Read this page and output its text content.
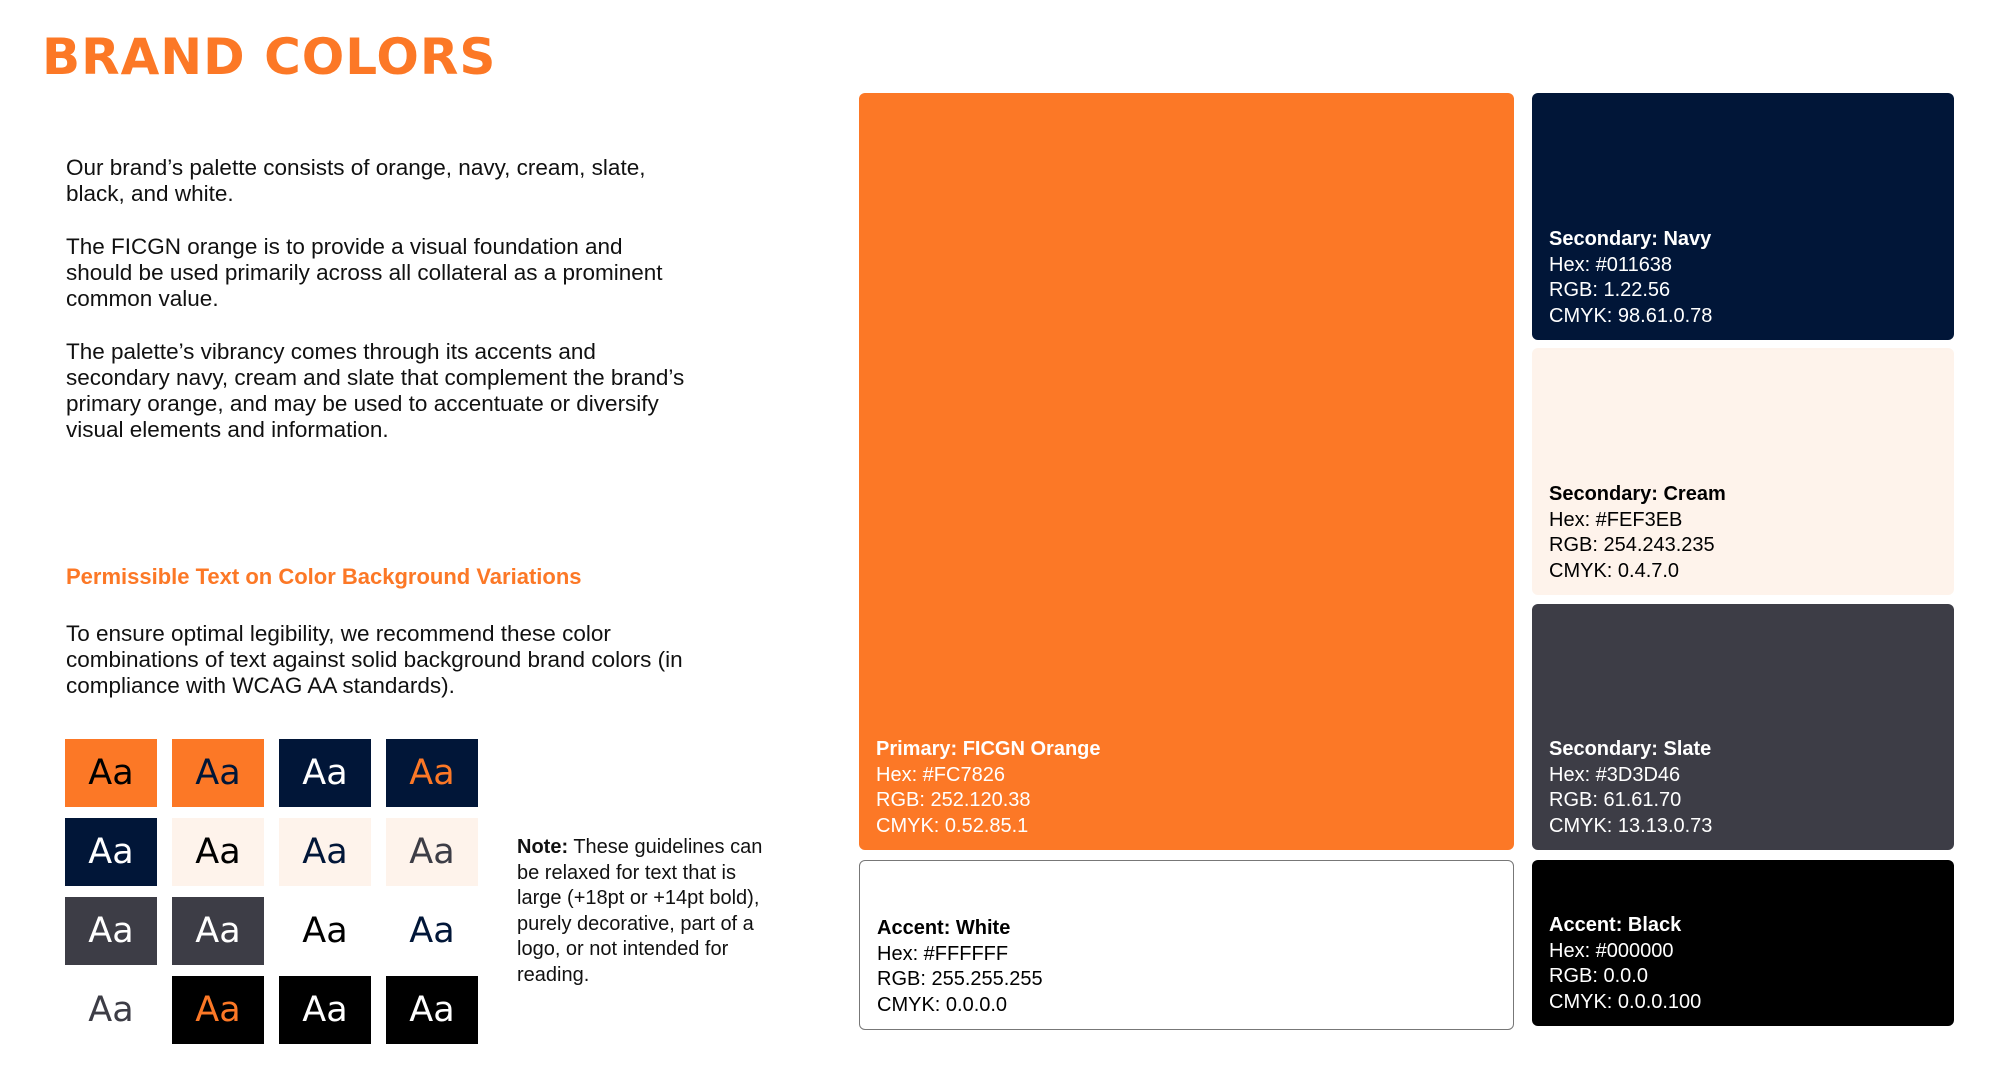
BRAND COLORS

Our brand’s palette consists of orange, navy, cream, slate, black, and white.

The FICGN orange is to provide a visual foundation and should be used primarily across all collateral as a prominent common value.

The palette’s vibrancy comes through its accents and secondary navy, cream and slate that complement the brand’s primary orange, and may be used to accentuate or diversify visual elements and information.

Permissible Text on Color Background Variations
To ensure optimal legibility, we recommend these color combinations of text against solid background brand colors (in compliance with WCAG AA standards).
Aa	Aa	Aa	Aa
Aa	Aa	Aa	Aa
Aa	Aa	Aa	Aa
Aa	Aa	Aa	Aa
Note: These guidelines can be relaxed for text that is large (+18pt or +14pt bold), purely decorative, part of a logo, or not intended for reading.
Primary: FICGN Orange
Hex: #FC7826
RGB: 252.120.38
CMYK: 0.52.85.1
Accent: White
Hex: #FFFFFF
RGB: 255.255.255
CMYK: 0.0.0.0
Secondary: Navy
Hex: #011638
RGB: 1.22.56
CMYK: 98.61.0.78
Secondary: Cream
Hex: #FEF3EB
RGB: 254.243.235
CMYK: 0.4.7.0
Secondary: Slate
Hex: #3D3D46
RGB: 61.61.70
CMYK: 13.13.0.73
Accent: Black
Hex: #000000
RGB: 0.0.0
CMYK: 0.0.0.100
